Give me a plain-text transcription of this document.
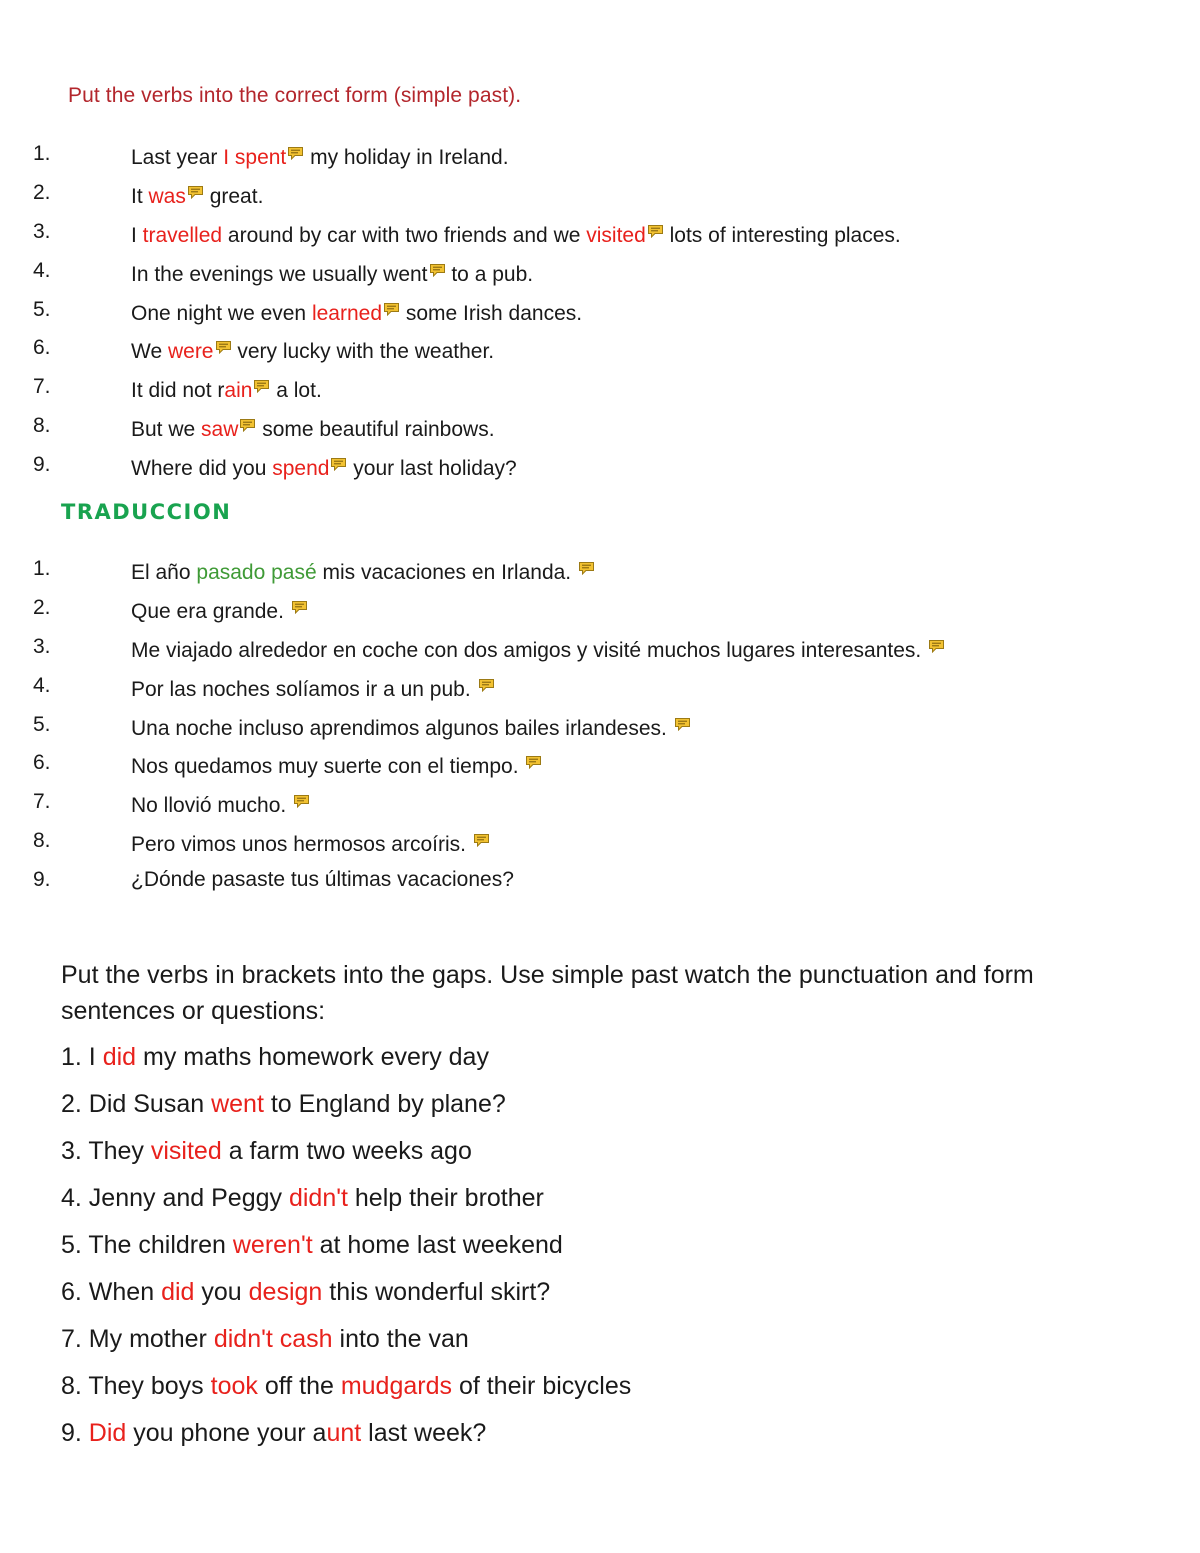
Put the verbs into the correct form (simple past).
1.	Last year I spent my holiday in Ireland.
2.	It was great.
3.	I travelled around by car with two friends and we visited lots of interesting places.
4.	In the evenings we usually went to a pub.
5.	One night we even learned some Irish dances.
6.	We were very lucky with the weather.
7.	It did not rain a lot.
8.	But we saw some beautiful rainbows.
9.	Where did you spend your last holiday?
TRADUCCION
1.	El año pasado pasé mis vacaciones en Irlanda.
2.	Que era grande.
3.	Me viajado alrededor en coche con dos amigos y visité muchos lugares interesantes.
4.	Por las noches solíamos ir a un pub.
5.	Una noche incluso aprendimos algunos bailes irlandeses.
6.	Nos quedamos muy suerte con el tiempo.
7.	No llovió mucho.
8.	Pero vimos unos hermosos arcoíris.
9.	¿Dónde pasaste tus últimas vacaciones?

Put the verbs in brackets into the gaps. Use simple past watch the punctuation and form sentences or questions:

1. I did my maths homework every day

2. Did Susan went to England by plane?

3. They visited a farm two weeks ago

4. Jenny and Peggy didn't help their brother

5. The children weren't at home last weekend

6. When did you design this wonderful skirt?

7. My mother didn't cash into the van

8. They boys took off the mudgards of their bicycles

9. Did you phone your aunt last week?
